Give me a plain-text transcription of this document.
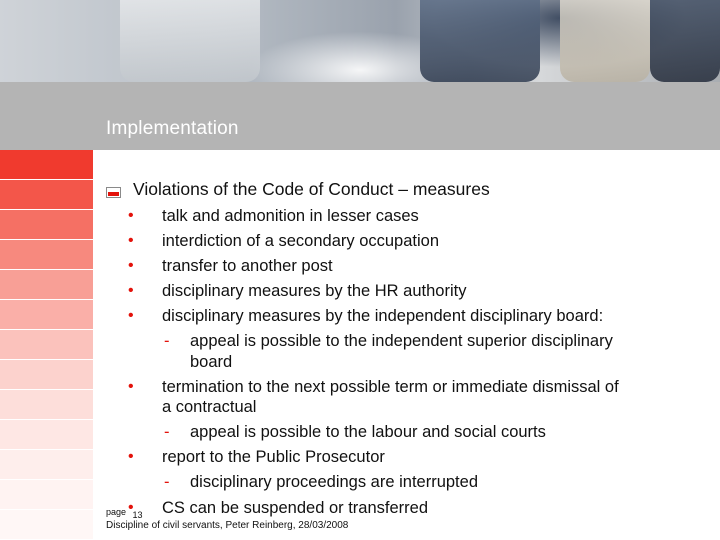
Implementation
Violations of the Code of Conduct – measures
• talk and admonition in lesser cases
• interdiction of a secondary occupation
• transfer to another post
• disciplinary measures by the HR authority
• disciplinary measures by the independent disciplinary board:
- appeal is possible to the independent superior disciplinary
board
• termination to the next possible term or immediate dismissal of
a contractual
- appeal is possible to the labour and social courts
• report to the Public Prosecutor
- disciplinary proceedings are interrupted
• CS can be suspended or transferred
page 13
Discipline of civil servants, Peter Reinberg, 28/03/2008
